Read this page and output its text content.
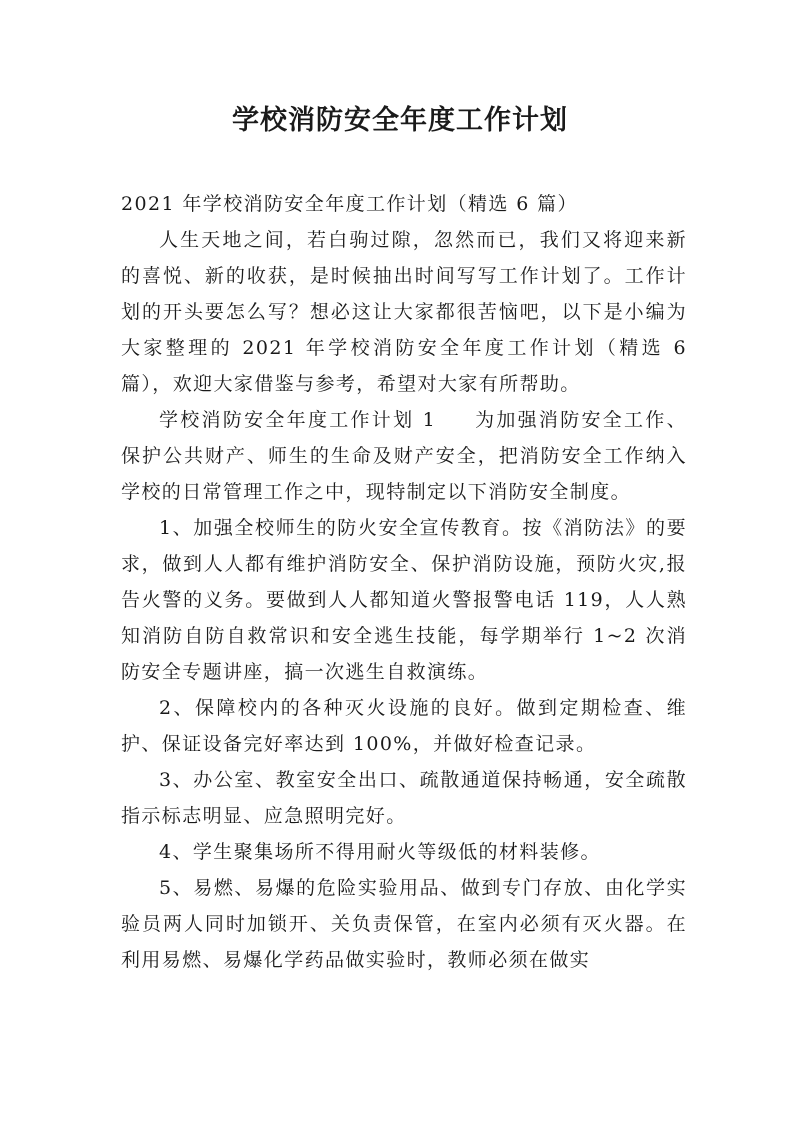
学校消防安全年度工作计划

2021 年学校消防安全年度工作计划（精选 6 篇）

人生天地之间，若白驹过隙，忽然而已，我们又将迎来新的喜悦、新的收获，是时候抽出时间写写工作计划了。工作计划的开头要怎么写？想必这让大家都很苦恼吧，以下是小编为大家整理的 2021 年学校消防安全年度工作计划（精选 6 篇），欢迎大家借鉴与参考，希望对大家有所帮助。

学校消防安全年度工作计划 1 为加强消防安全工作、保护公共财产、师生的生命及财产安全，把消防安全工作纳入学校的日常管理工作之中，现特制定以下消防安全制度。

1、加强全校师生的防火安全宣传教育。按《消防法》的要求，做到人人都有维护消防安全、保护消防设施，预防火灾,报告火警的义务。要做到人人都知道火警报警电话 119，人人熟知消防自防自救常识和安全逃生技能，每学期举行 1~2 次消防安全专题讲座，搞一次逃生自救演练。

2、保障校内的各种灭火设施的良好。做到定期检查、维护、保证设备完好率达到 100%，并做好检查记录。

3、办公室、教室安全出口、疏散通道保持畅通，安全疏散指示标志明显、应急照明完好。

4、学生聚集场所不得用耐火等级低的材料装修。

5、易燃、易爆的危险实验用品、做到专门存放、由化学实验员两人同时加锁开、关负责保管，在室内必须有灭火器。在利用易燃、易爆化学药品做实验时，教师必须在做实
